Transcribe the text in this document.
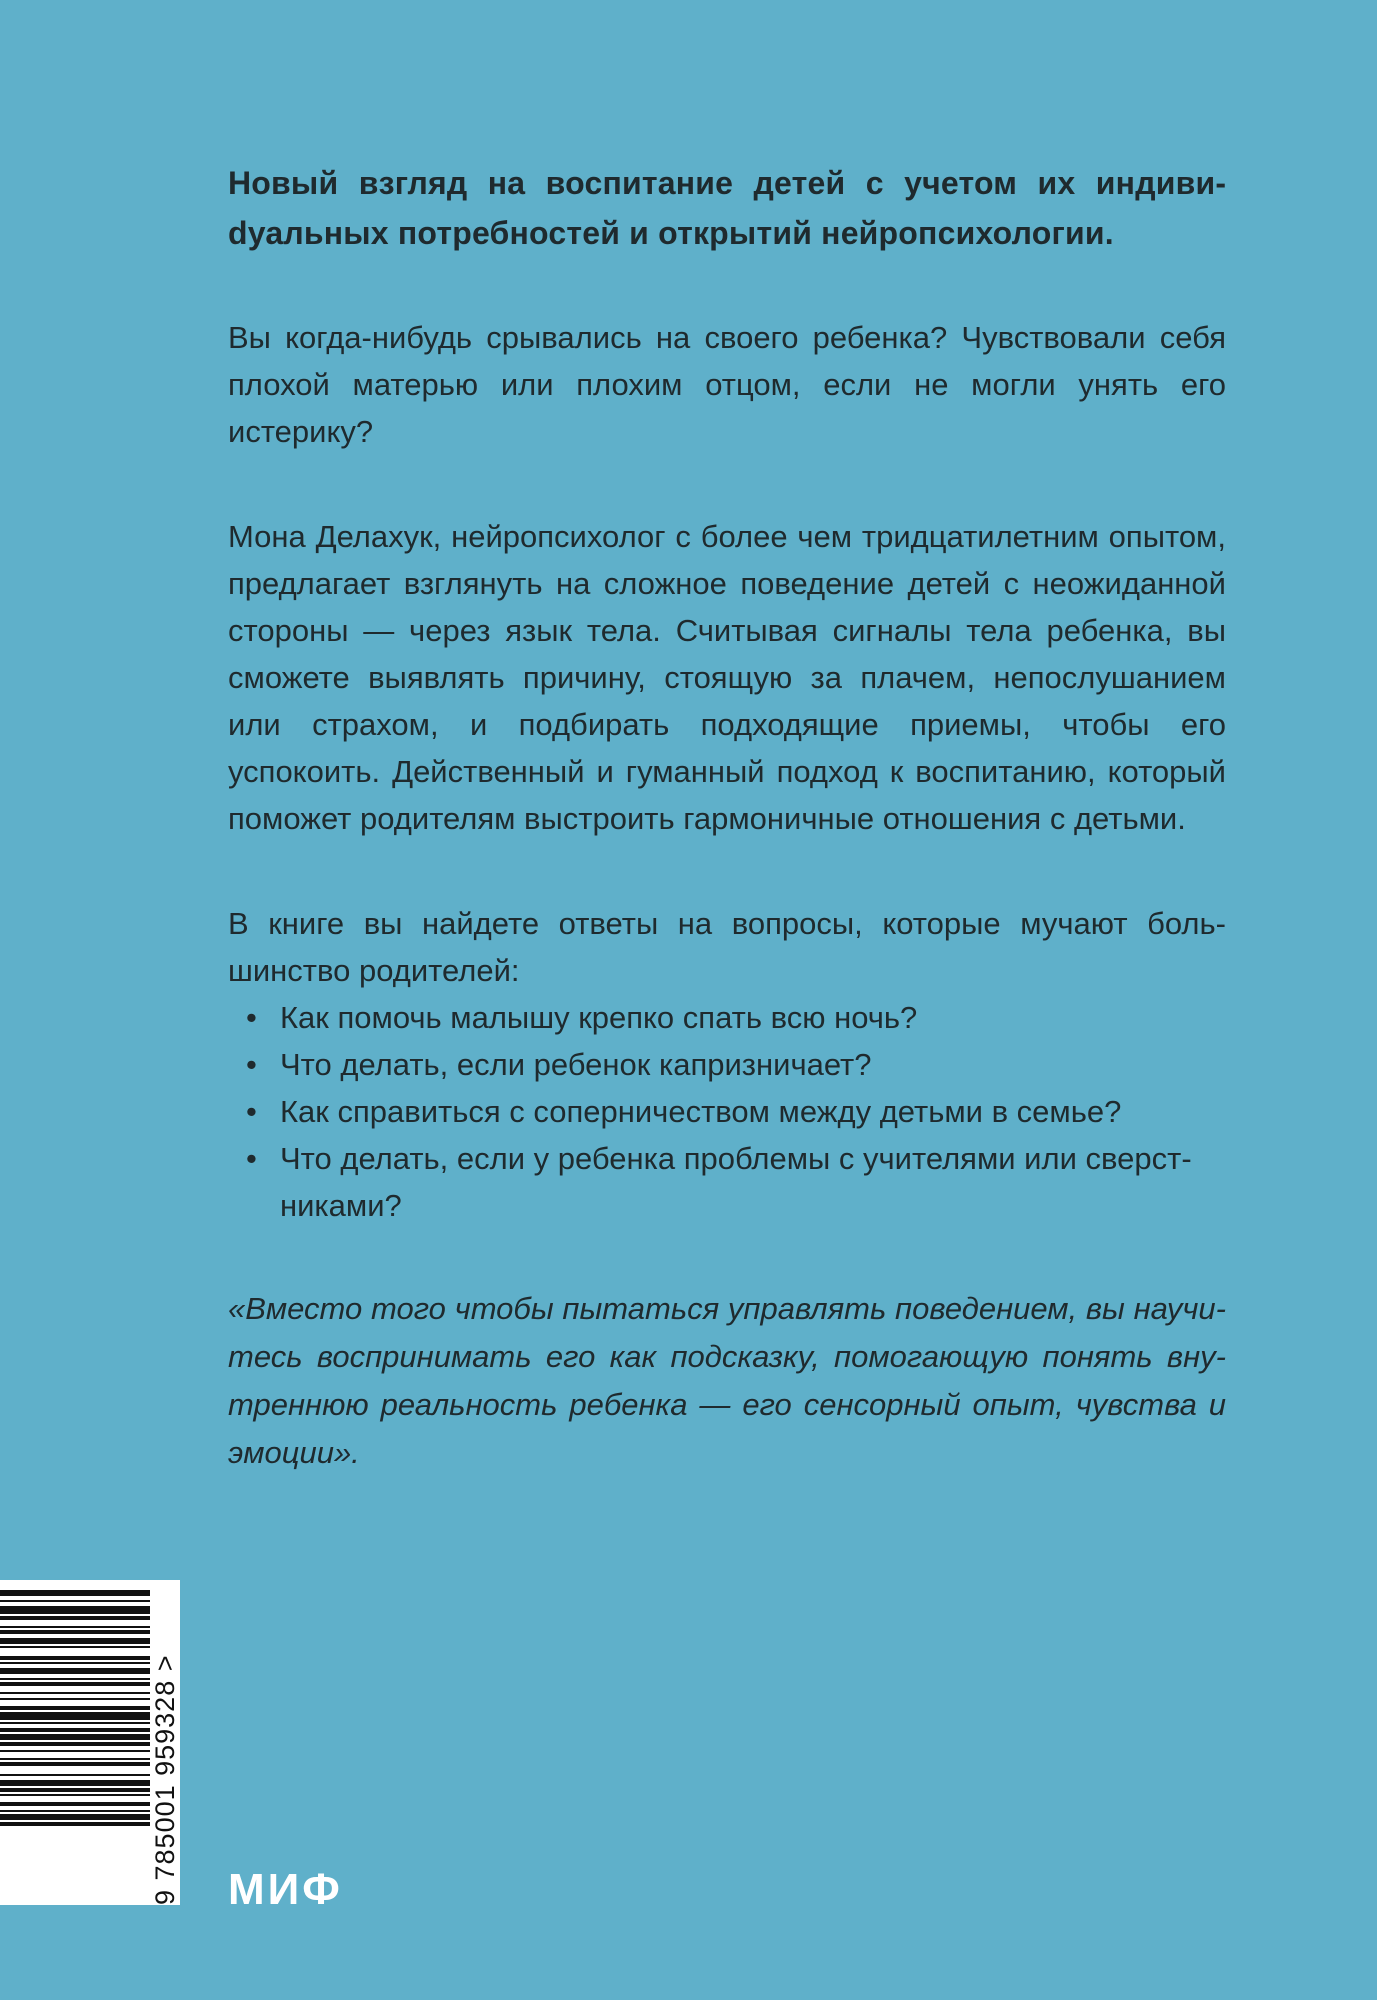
Новый взгляд на воспитание детей с учетом их индивиdуальных потребностей и открытий нейропсихологии.

Вы когда-нибудь срывались на своего ребенка? Чувствовали себя плохой матерью или плохим отцом, если не могли унять его истерику?

Мона Делахук, нейропсихолог с более чем тридцатилетним опытом, предлагает взглянуть на сложное поведение детей с неожиданной стороны — через язык тела. Считывая сигналы тела ребенка, вы сможете выявлять причину, стоящую за плачем, непослушанием или страхом, и подбирать подходящие приемы, чтобы его успокоить. Действенный и гуманный подход к воспитанию, который поможет родителям выстроить гармоничные отношения с детьми.

В книге вы найдете ответы на вопросы, которые мучают большинство родителей:

• Как помочь малышу крепко спать всю ночь?
• Что делать, если ребенок капризничает?
• Как справиться с соперничеством между детьми в семье?
• Что делать, если у ребенка проблемы с учителями или сверстниками?

«Вместо того чтобы пытаться управлять поведением, вы научитесь воспринимать его как подсказку, помогающую понять внутреннюю реальность ребенка — его сенсорный опыт, чувства и эмоции».

9 785001 959328 > МИФ
